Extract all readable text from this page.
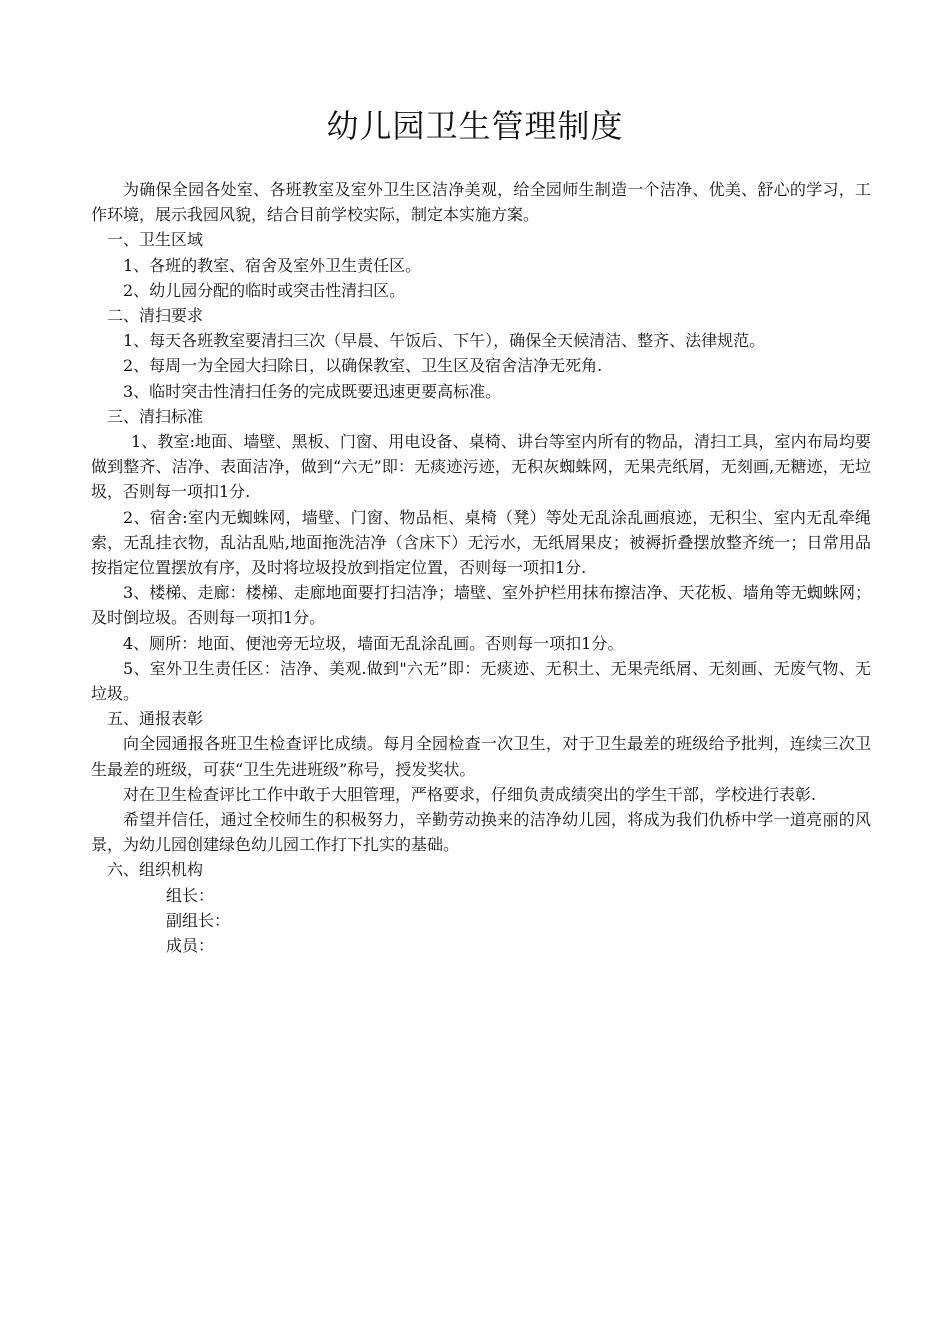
幼儿园卫生管理制度

为确保全园各处室、各班教室及室外卫生区洁净美观，给全园师生制造一个洁净、优美、舒心的学习，工作环境，展示我园风貌，结合目前学校实际，制定本实施方案。

一、卫生区域

1、各班的教室、宿舍及室外卫生责任区。

2、幼儿园分配的临时或突击性清扫区。

二、清扫要求

1、每天各班教室要清扫三次（早晨、午饭后、下午），确保全天候清洁、整齐、法律规范。

2、每周一为全园大扫除日，以确保教室、卫生区及宿舍洁净无死角.

3、临时突击性清扫任务的完成既要迅速更要高标准。

三、清扫标准

1、教室:地面、墙壁、黑板、门窗、用电设备、桌椅、讲台等室内所有的物品，清扫工具，室内布局均要做到整齐、洁净、表面洁净，做到“六无”即：无痰迹污迹，无积灰蜘蛛网，无果壳纸屑，无刻画,无糖迹，无垃圾，否则每一项扣1分.

2、宿舍:室内无蜘蛛网，墙壁、门窗、物品柜、桌椅（凳）等处无乱涂乱画痕迹，无积尘、室内无乱牵绳索，无乱挂衣物，乱沾乱贴,地面拖洗洁净（含床下）无污水，无纸屑果皮；被褥折叠摆放整齐统一；日常用品按指定位置摆放有序，及时将垃圾投放到指定位置，否则每一项扣1分.

3、楼梯、走廊：楼梯、走廊地面要打扫洁净；墙壁、室外护栏用抹布擦洁净、天花板、墙角等无蜘蛛网；及时倒垃圾。否则每一项扣1分。

4、厕所：地面、便池旁无垃圾，墙面无乱涂乱画。否则每一项扣1分。

5、室外卫生责任区：洁净、美观.做到"六无”即：无痰迹、无积土、无果壳纸屑、无刻画、无废气物、无垃圾。

五、通报表彰

向全园通报各班卫生检查评比成绩。每月全园检查一次卫生，对于卫生最差的班级给予批判，连续三次卫生最差的班级，可获“卫生先进班级”称号，授发奖状。

对在卫生检查评比工作中敢于大胆管理，严格要求，仔细负责成绩突出的学生干部，学校进行表彰.

希望并信任，通过全校师生的积极努力，辛勤劳动换来的洁净幼儿园，将成为我们仇桥中学一道亮丽的风景，为幼儿园创建绿色幼儿园工作打下扎实的基础。

六、组织机构

组长：

副组长：

成员：
